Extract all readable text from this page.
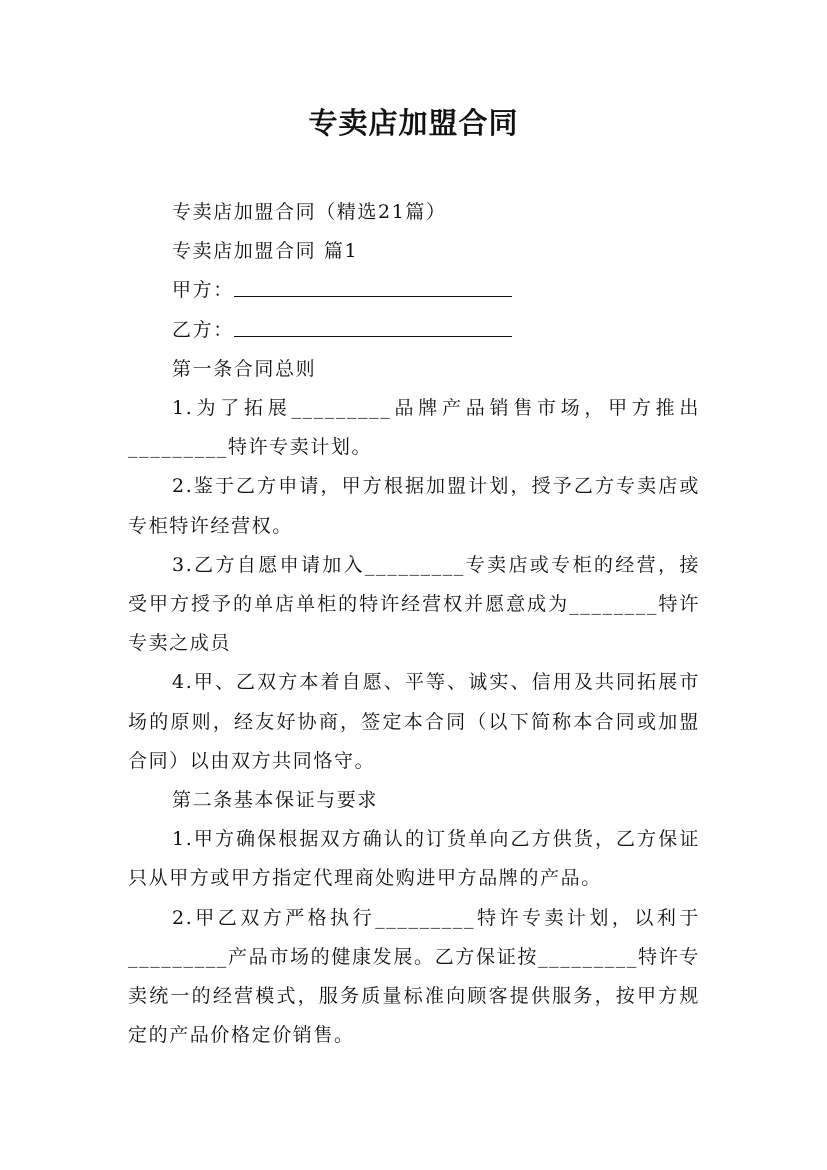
专卖店加盟合同
专卖店加盟合同（精选21篇）
专卖店加盟合同 篇1
甲方：
乙方：
第一条合同总则
1.为了拓展_________品牌产品销售市场，甲方推出_________特许专卖计划。
2.鉴于乙方申请，甲方根据加盟计划，授予乙方专卖店或专柜特许经营权。
3.乙方自愿申请加入_________专卖店或专柜的经营，接受甲方授予的单店单柜的特许经营权并愿意成为________特许专卖之成员
4.甲、乙双方本着自愿、平等、诚实、信用及共同拓展市场的原则，经友好协商，签定本合同（以下简称本合同或加盟合同）以由双方共同恪守。
第二条基本保证与要求
1.甲方确保根据双方确认的订货单向乙方供货，乙方保证只从甲方或甲方指定代理商处购进甲方品牌的产品。
2.甲乙双方严格执行_________特许专卖计划，以利于_________产品市场的健康发展。乙方保证按_________特许专卖统一的经营模式，服务质量标准向顾客提供服务，按甲方规定的产品价格定价销售。
